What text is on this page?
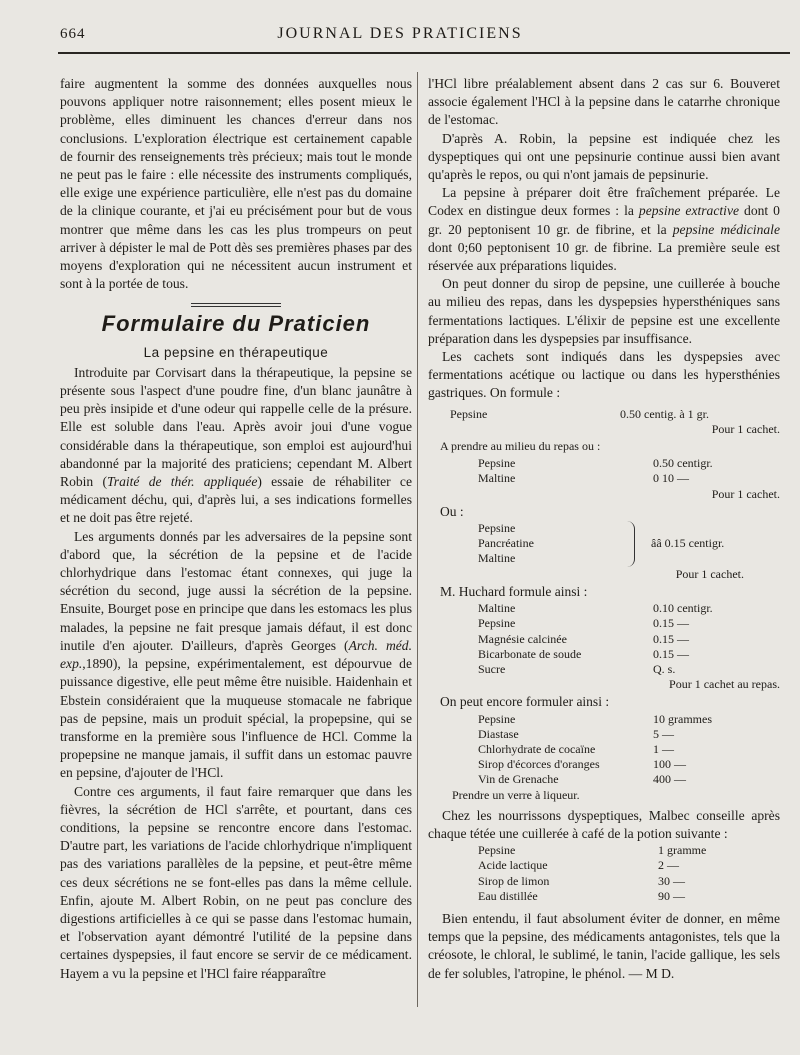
664	JOURNAL DES PRATICIENS

faire augmentent la somme des données auxquelles nous pouvons appliquer notre raisonnement; elles posent mieux le problème, elles diminuent les chances d'erreur dans nos conclusions. L'exploration électrique est certainement capable de fournir des renseignements très précieux; mais tout le monde ne peut pas le faire : elle nécessite des instruments compliqués, elle exige une expérience particulière, elle n'est pas du domaine de la clinique courante, et j'ai eu précisément pour but de vous montrer que même dans les cas les plus trompeurs on peut arriver à dépister le mal de Pott dès ses premières phases par des moyens d'exploration qui ne nécessitent aucun instrument et sont à la portée de tous.

Formulaire du Praticien
La pepsine en thérapeutique

Introduite par Corvisart dans la thérapeutique, la pepsine se présente sous l'aspect d'une poudre fine, d'un blanc jaunâtre à peu près insipide et d'une odeur qui rappelle celle de la présure. Elle est soluble dans l'eau. Après avoir joui d'une vogue considérable dans la thérapeutique, son emploi est aujourd'hui abandonné par la majorité des praticiens; cependant M. Albert Robin (Traité de thér. appliquée) essaie de réhabiliter ce médicament déchu, qui, d'après lui, a ses indications formelles et ne doit pas être rejeté.

Les arguments donnés par les adversaires de la pepsine sont d'abord que, la sécrétion de la pepsine et de l'acide chlorhydrique dans l'estomac étant connexes, qui juge la sécrétion du second, juge aussi la sécrétion de la pepsine. Ensuite, Bourget pose en principe que dans les estomacs les plus malades, la pepsine ne fait presque jamais défaut, il est donc inutile d'en ajouter. D'ailleurs, d'après Georges (Arch. méd. exp.,1890), la pepsine, expérimentalement, est dépourvue de puissance digestive, elle peut même être nuisible. Haidenhain et Ebstein considéraient que la muqueuse stomacale ne fabrique pas de pepsine, mais un produit spécial, la propepsine, qui se transforme en la première sous l'influence de HCl. Comme la propepsine ne manque jamais, il suffit dans un estomac pauvre en pepsine, d'ajouter de l'HCl.

Contre ces arguments, il faut faire remarquer que dans les fièvres, la sécrétion de HCl s'arrête, et pourtant, dans ces conditions, la pepsine se rencontre encore dans l'estomac. D'autre part, les variations de l'acide chlorhydrique n'impliquent pas des variations parallèles de la pepsine, et peut-être même ces deux sécrétions ne se font-elles pas dans la même cellule. Enfin, ajoute M. Albert Robin, on ne peut pas conclure des digestions artificielles à ce qui se passe dans l'estomac humain, et l'observation ayant démontré l'utilité de la pepsine dans certaines dyspepsies, il faut encore se servir de ce médicament. Hayem a vu la pepsine et l'HCl faire réapparaître

l'HCl libre préalablement absent dans 2 cas sur 6. Bouveret associe également l'HCl à la pepsine dans le catarrhe chronique de l'estomac.

D'après A. Robin, la pepsine est indiquée chez les dyspeptiques qui ont une pepsinurie continue aussi bien avant qu'après le repos, ou qui n'ont jamais de pepsinurie.

La pepsine à préparer doit être fraîchement préparée. Le Codex en distingue deux formes : la pepsine extractive dont 0 gr. 20 peptonisent 10 gr. de fibrine, et la pepsine médicinale dont 0;60 peptonisent 10 gr. de fibrine. La première seule est réservée aux préparations liquides.

On peut donner du sirop de pepsine, une cuillerée à bouche au milieu des repas, dans les dyspepsies hypersthéniques sans fermentations lactiques. L'élixir de pepsine est une excellente préparation dans les dyspepsies par insuffisance.

Les cachets sont indiqués dans les dyspepsies avec fermentations acétique ou lactique ou dans les hypersthénies gastriques. On formule :

Pepsine	0.50 centig. à 1 gr.
Pour 1 cachet.
A prendre au milieu du repas ou :
Pepsine	0.50 centigr.
Maltine	0 10 —
Pour 1 cachet.
Ou :
Pepsine
Pancréatine
Maltine
ââ 0.15 centigr.
Pour 1 cachet.
M. Huchard formule ainsi :
Maltine	0.10 centigr.
Pepsine	0.15 —
Magnésie calcinée	0.15 —
Bicarbonate de soude	0.15 —
Sucre	Q. s.
Pour 1 cachet au repas.
On peut encore formuler ainsi :
Pepsine	10 grammes
Diastase	5 —
Chlorhydrate de cocaïne	1 —
Sirop d'écorces d'oranges	100 —
Vin de Grenache	400 —
Prendre un verre à liqueur.

Chez les nourrissons dyspeptiques, Malbec conseille après chaque tétée une cuillerée à café de la potion suivante :

Pepsine	1 gramme
Acide lactique	2 —
Sirop de limon	30 —
Eau distillée	90 —

Bien entendu, il faut absolument éviter de donner, en même temps que la pepsine, des médicaments antagonistes, tels que la créosote, le chloral, le sublimé, le tanin, l'acide gallique, les sels de fer solubles, l'atropine, le phénol. — M D.
